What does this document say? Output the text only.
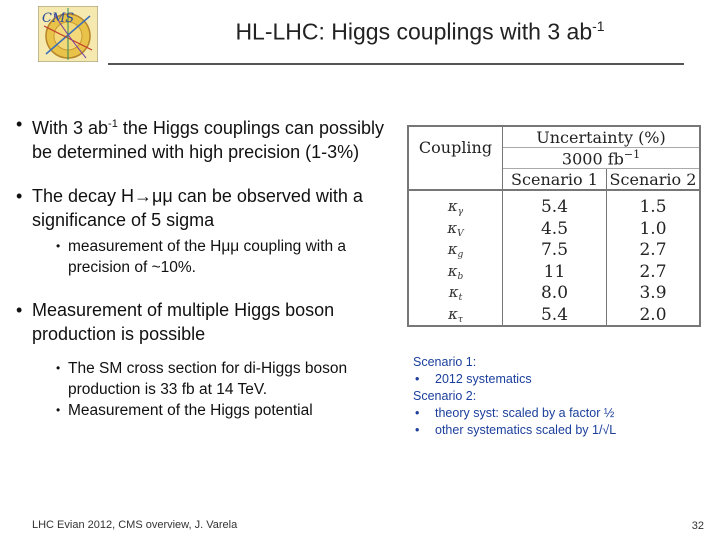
CMS
HL-LHC: Higgs couplings with 3 $ab^{-1}$
• With 3 $ab^{-1}$ the Higgs couplings can possibly be determined with high precision (1-3%)
• The decay H→μμ can be observed with a significance of 5 sigma
• measurement of the Hμμ coupling with a precision of ~10%.
• Measurement of multiple Higgs boson production is possible
• The SM cross section for di-Higgs boson production is 33 fb at 14 TeV.
• Measurement of the Higgs potential
Coupling	Uncertainty (%)	
	3000 $fb^{-1}$
	Scenario 1	Scenario 2

$\kappa_\gamma$	5.4	1.5
$\kappa_V$	4.5	1.0
$\kappa_g$	7.5	2.7
$\kappa_b$	11	2.7
$\kappa_t$	8.0	3.9
$\kappa_\tau$	5.4	2.0
Scenario 1:
• 2012 systematics
Scenario 2:
• theory syst: scaled by a factor ½
• other systematics scaled by 1/√L
LHC Evian 2012, CMS overview, J. Varela	32
